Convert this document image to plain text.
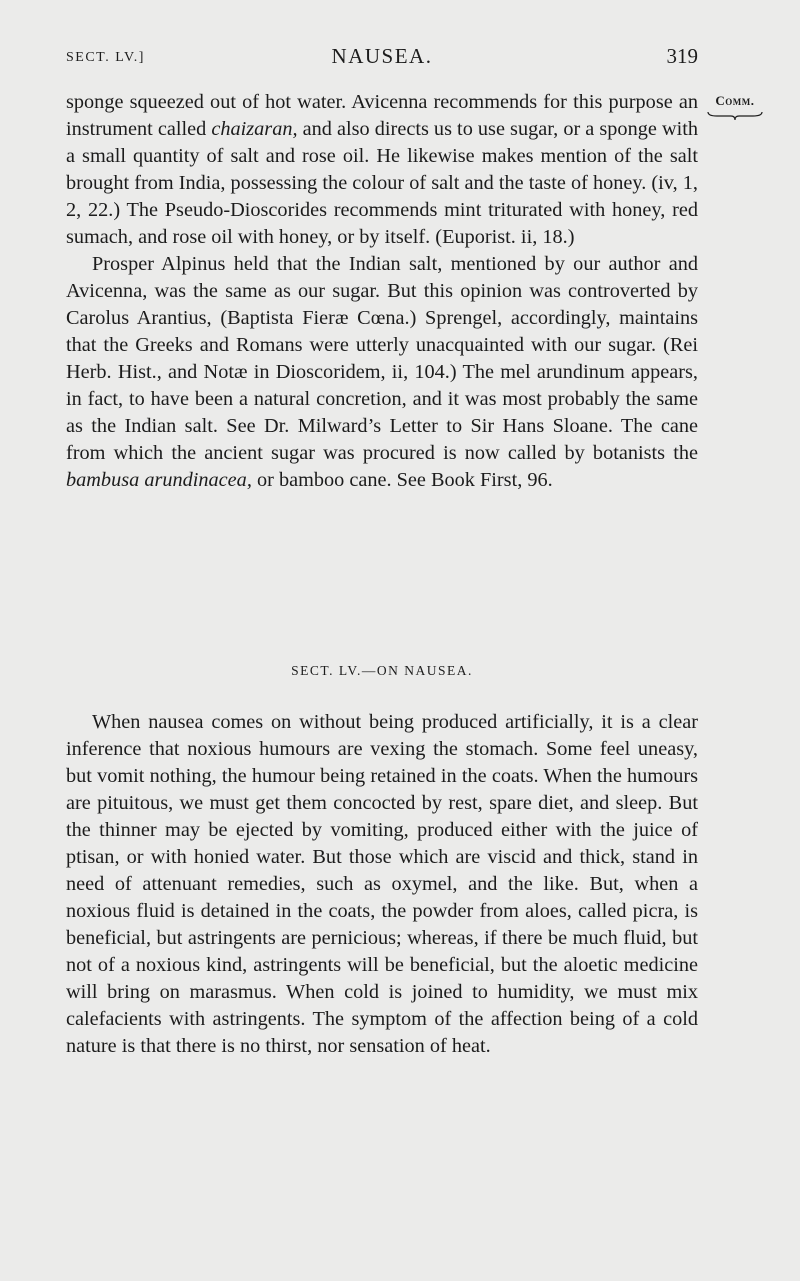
SECT. LV.]	NAUSEA.	319
Comm.

sponge squeezed out of hot water. Avicenna recommends for this purpose an instrument called chaizaran, and also directs us to use sugar, or a sponge with a small quantity of salt and rose oil. He likewise makes mention of the salt brought from India, possessing the colour of salt and the taste of honey. (iv, 1, 2, 22.) The Pseudo-Dioscorides recommends mint triturated with honey, red sumach, and rose oil with honey, or by itself. (Euporist. ii, 18.)

Prosper Alpinus held that the Indian salt, mentioned by our author and Avicenna, was the same as our sugar. But this opinion was controverted by Carolus Arantius, (Baptista Fieræ Cœna.) Sprengel, accordingly, maintains that the Greeks and Romans were utterly unacquainted with our sugar. (Rei Herb. Hist., and Notæ in Dioscoridem, ii, 104.) The mel arundinum appears, in fact, to have been a natural concretion, and it was most probably the same as the Indian salt. See Dr. Milward’s Letter to Sir Hans Sloane. The cane from which the ancient sugar was procured is now called by botanists the bambusa arundinacea, or bamboo cane. See Book First, 96.

SECT. LV.—ON NAUSEA.

When nausea comes on without being produced artificially, it is a clear inference that noxious humours are vexing the stomach. Some feel uneasy, but vomit nothing, the humour being retained in the coats. When the humours are pituitous, we must get them concocted by rest, spare diet, and sleep. But the thinner may be ejected by vomiting, produced either with the juice of ptisan, or with honied water. But those which are viscid and thick, stand in need of attenuant remedies, such as oxymel, and the like. But, when a noxious fluid is detained in the coats, the powder from aloes, called picra, is beneficial, but astringents are pernicious; whereas, if there be much fluid, but not of a noxious kind, astringents will be beneficial, but the aloetic medicine will bring on marasmus. When cold is joined to humidity, we must mix calefacients with astringents. The symptom of the affection being of a cold nature is that there is no thirst, nor sensation of heat.
